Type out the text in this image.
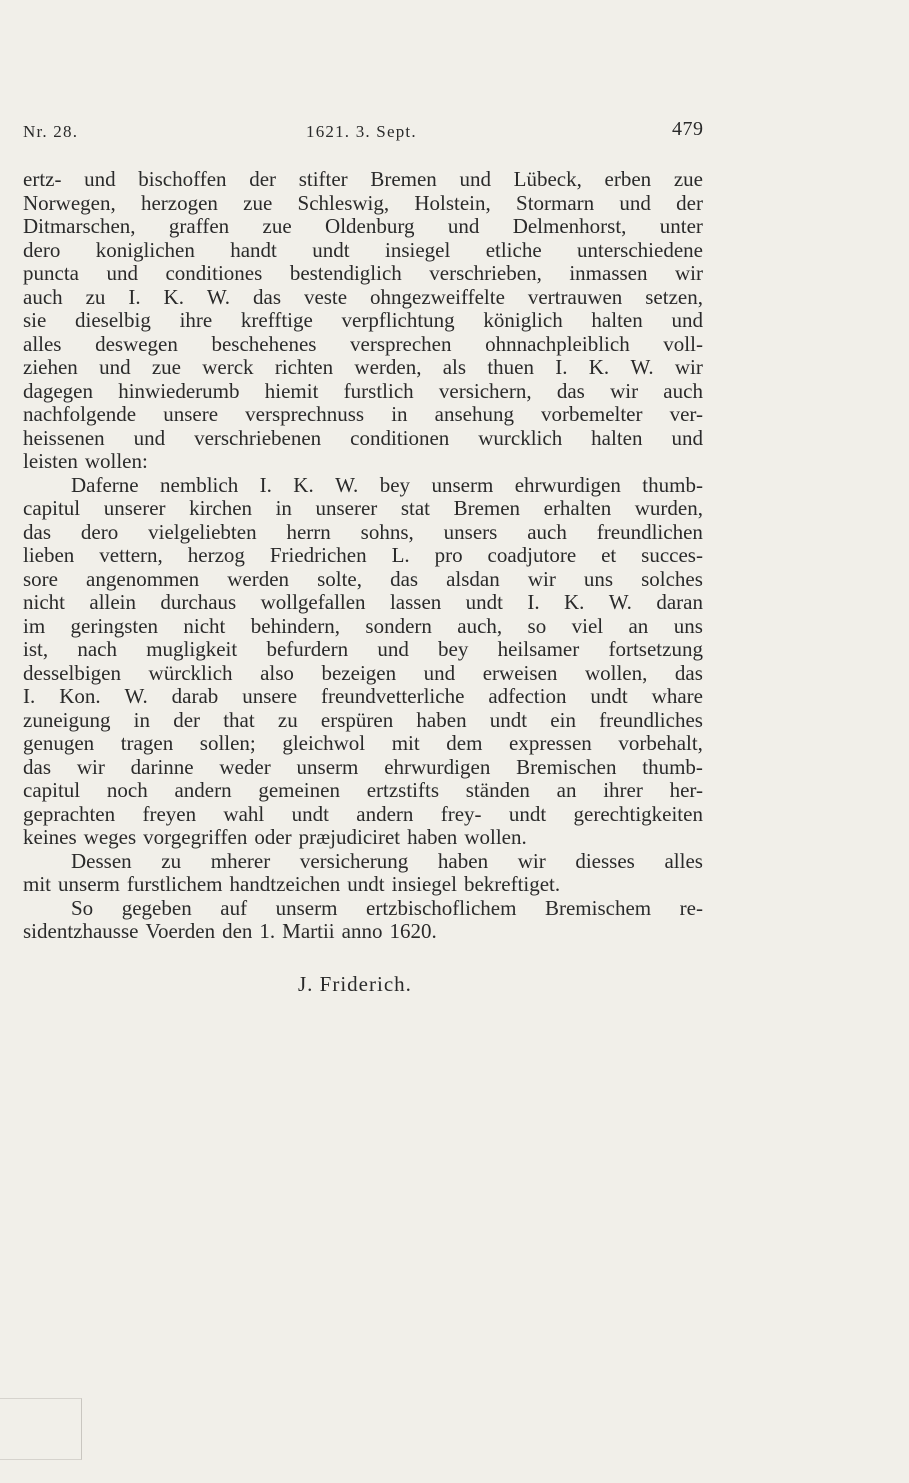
Nr. 28.	1621. 3. Sept.	479
ertz- und bischoffen der stifter Bremen und Lübeck, erben zue
Norwegen, herzogen zue Schleswig, Holstein, Stormarn und der
Ditmarschen, graffen zue Oldenburg und Delmenhorst, unter
dero koniglichen handt undt insiegel etliche unterschiedene
puncta und conditiones bestendiglich verschrieben, inmassen wir
auch zu I. K. W. das veste ohngezweiffelte vertrauwen setzen,
sie dieselbig ihre krefftige verpflichtung königlich halten und
alles deswegen beschehenes versprechen ohnnachpleiblich voll-
ziehen und zue werck richten werden, als thuen I. K. W. wir
dagegen hinwiederumb hiemit furstlich versichern, das wir auch
nachfolgende unsere versprechnuss in ansehung vorbemelter ver-
heissenen und verschriebenen conditionen wurcklich halten und
leisten wollen:
Daferne nemblich I. K. W. bey unserm ehrwurdigen thumb-
capitul unserer kirchen in unserer stat Bremen erhalten wurden,
das dero vielgeliebten herrn sohns, unsers auch freundlichen
lieben vettern, herzog Friedrichen L. pro coadjutore et succes-
sore angenommen werden solte, das alsdan wir uns solches
nicht allein durchaus wollgefallen lassen undt I. K. W. daran
im geringsten nicht behindern, sondern auch, so viel an uns
ist, nach mugligkeit befurdern und bey heilsamer fortsetzung
desselbigen würcklich also bezeigen und erweisen wollen, das
I. Kon. W. darab unsere freundvetterliche adfection undt whare
zuneigung in der that zu erspüren haben undt ein freundliches
genugen tragen sollen; gleichwol mit dem expressen vorbehalt,
das wir darinne weder unserm ehrwurdigen Bremischen thumb-
capitul noch andern gemeinen ertzstifts ständen an ihrer her-
geprachten freyen wahl undt andern frey- undt gerechtigkeiten
keines weges vorgegriffen oder præjudiciret haben wollen.
Dessen zu mherer versicherung haben wir diesses alles
mit unserm furstlichem handtzeichen undt insiegel bekreftiget.
So gegeben auf unserm ertzbischoflichem Bremischem re-
sidentzhausse Voerden den 1. Martii anno 1620.
J. Friderich.
